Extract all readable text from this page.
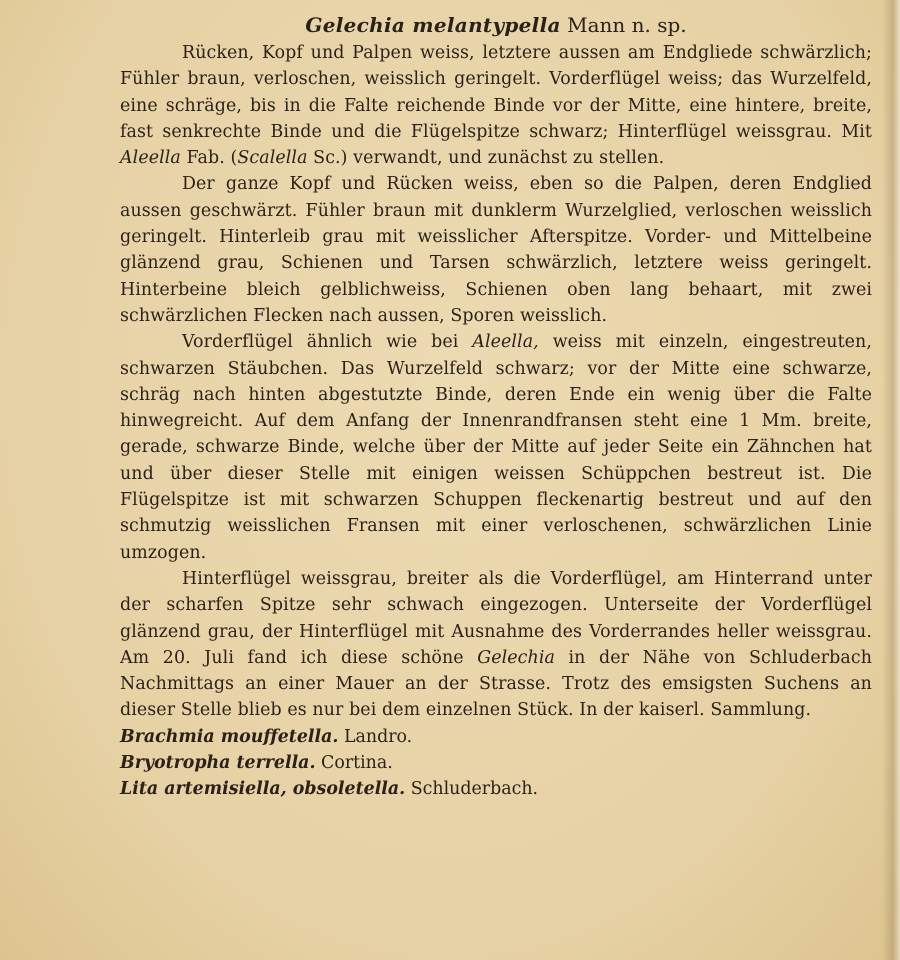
Gelechia melantypella Mann n. sp.

Rücken, Kopf und Palpen weiss, letztere aussen am Endgliede schwärzlich; Fühler braun, verloschen, weisslich geringelt. Vorderflügel weiss; das Wurzelfeld, eine schräge, bis in die Falte reichende Binde vor der Mitte, eine hintere, breite, fast senkrechte Binde und die Flügelspitze schwarz; Hinterflügel weissgrau. Mit Aleella Fab. (Scalella Sc.) verwandt, und zunächst zu stellen.

Der ganze Kopf und Rücken weiss, eben so die Palpen, deren Endglied aussen geschwärzt. Fühler braun mit dunklerm Wurzelglied, verloschen weisslich geringelt. Hinterleib grau mit weisslicher Afterspitze. Vorder- und Mittelbeine glänzend grau, Schienen und Tarsen schwärzlich, letztere weiss geringelt. Hinterbeine bleich gelblichweiss, Schienen oben lang behaart, mit zwei schwärzlichen Flecken nach aussen, Sporen weisslich.

Vorderflügel ähnlich wie bei Aleella, weiss mit einzeln, eingestreuten, schwarzen Stäubchen. Das Wurzelfeld schwarz; vor der Mitte eine schwarze, schräg nach hinten abgestutzte Binde, deren Ende ein wenig über die Falte hinwegreicht. Auf dem Anfang der Innenrandfransen steht eine 1 Mm. breite, gerade, schwarze Binde, welche über der Mitte auf jeder Seite ein Zähnchen hat und über dieser Stelle mit einigen weissen Schüppchen bestreut ist. Die Flügelspitze ist mit schwarzen Schuppen fleckenartig bestreut und auf den schmutzig weisslichen Fransen mit einer verloschenen, schwärzlichen Linie umzogen.

Hinterflügel weissgrau, breiter als die Vorderflügel, am Hinterrand unter der scharfen Spitze sehr schwach eingezogen. Unterseite der Vorderflügel glänzend grau, der Hinterflügel mit Ausnahme des Vorderrandes heller weissgrau. Am 20. Juli fand ich diese schöne Gelechia in der Nähe von Schluderbach Nachmittags an einer Mauer an der Strasse. Trotz des emsigsten Suchens an dieser Stelle blieb es nur bei dem einzelnen Stück. In der kaiserl. Sammlung.

Brachmia mouffetella. Landro.

Bryotropha terrella. Cortina.

Lita artemisiella, obsoletella. Schluderbach.
